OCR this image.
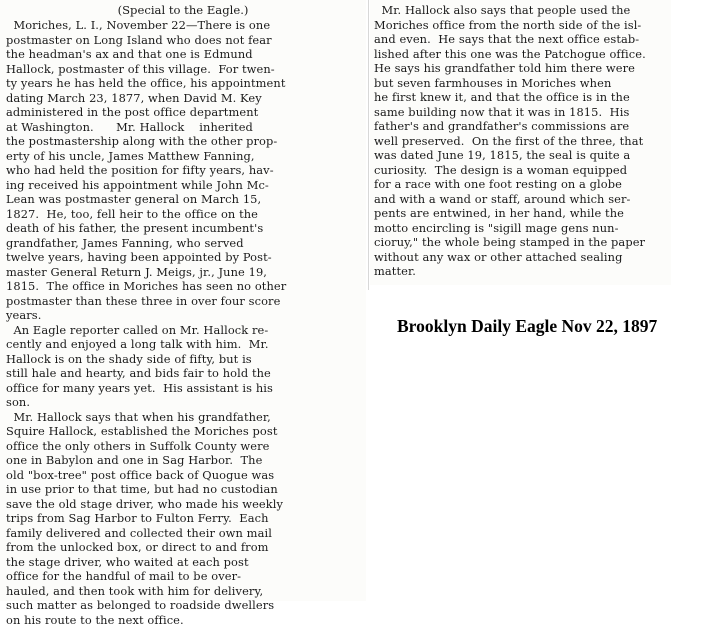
(Special to the Eagle.)

Moriches, L. I., November 22—There is one
postmaster on Long Island who does not fear
the headman's ax and that one is Edmund
Hallock, postmaster of this village.  For twen-
ty years he has held the office, his appointment
dating March 23, 1877, when David M. Key
administered in the post office department
at Washington.      Mr. Hallock    inherited
the postmastership along with the other prop-
erty of his uncle, James Matthew Fanning,
who had held the position for fifty years, hav-
ing received his appointment while John Mc-
Lean was postmaster general on March 15,
1827.  He, too, fell heir to the office on the
death of his father, the present incumbent's
grandfather, James Fanning, who served
twelve years, having been appointed by Post-
master General Return J. Meigs, jr., June 19,
1815.  The office in Moriches has seen no other
postmaster than these three in over four score
years.
An Eagle reporter called on Mr. Hallock re-
cently and enjoyed a long talk with him.  Mr.
Hallock is on the shady side of fifty, but is
still hale and hearty, and bids fair to hold the
office for many years yet.  His assistant is his
son.
Mr. Hallock says that when his grandfather,
Squire Hallock, established the Moriches post
office the only others in Suffolk County were
one in Babylon and one in Sag Harbor.  The
old "box-tree" post office back of Quogue was
in use prior to that time, but had no custodian
save the old stage driver, who made his weekly
trips from Sag Harbor to Fulton Ferry.  Each
family delivered and collected their own mail
from the unlocked box, or direct to and from
the stage driver, who waited at each post
office for the handful of mail to be over-
hauled, and then took with him for delivery,
such matter as belonged to roadside dwellers
on his route to the next office.
Mr. Hallock also says that people used the
Moriches office from the north side of the isl-
and even.  He says that the next office estab-
lished after this one was the Patchogue office.
He says his grandfather told him there were
but seven farmhouses in Moriches when
he first knew it, and that the office is in the
same building now that it was in 1815.  His
father's and grandfather's commissions are
well preserved.  On the first of the three, that
was dated June 19, 1815, the seal is quite a
curiosity.  The design is a woman equipped
for a race with one foot resting on a globe
and with a wand or staff, around which ser-
pents are entwined, in her hand, while the
motto encircling is "sigill mage gens nun-
cioruy," the whole being stamped in the paper
without any wax or other attached sealing
matter.

Brooklyn Daily Eagle Nov 22, 1897
